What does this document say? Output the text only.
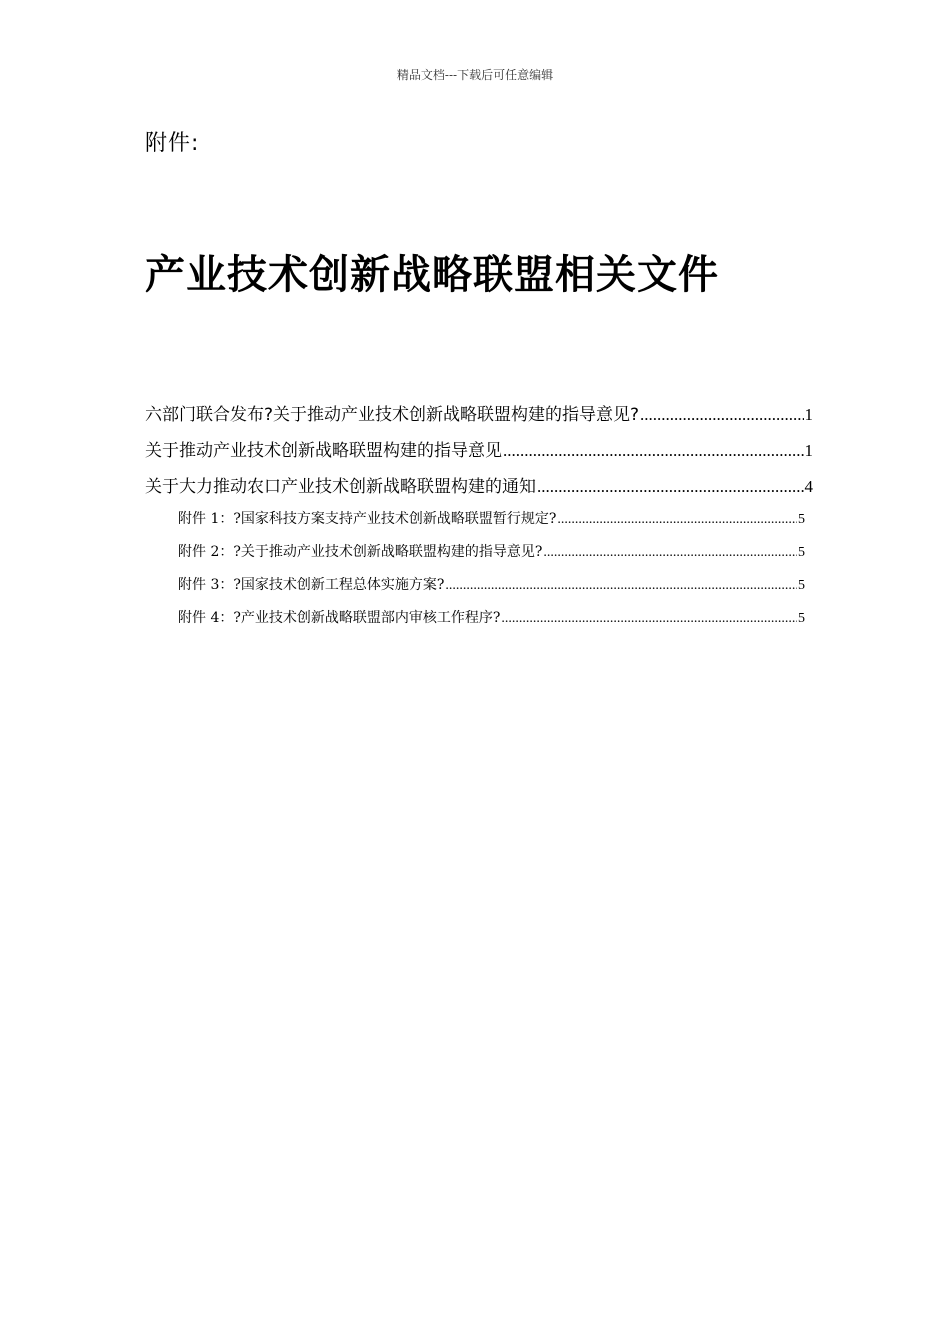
精品文档---下载后可任意编辑
附件:
产业技术创新战略联盟相关文件
六部门联合发布?关于推动产业技术创新战略联盟构建的指导意见? .....	1
关于推动产业技术创新战略联盟构建的指导意见 .....	1
关于大力推动农口产业技术创新战略联盟构建的通知 .....	4
附件 1：?国家科技方案支持产业技术创新战略联盟暂行规定? .....	5
附件 2：?关于推动产业技术创新战略联盟构建的指导意见? .....	5
附件 3：?国家技术创新工程总体实施方案? .....	5
附件 4：?产业技术创新战略联盟部内审核工作程序? .....	5
